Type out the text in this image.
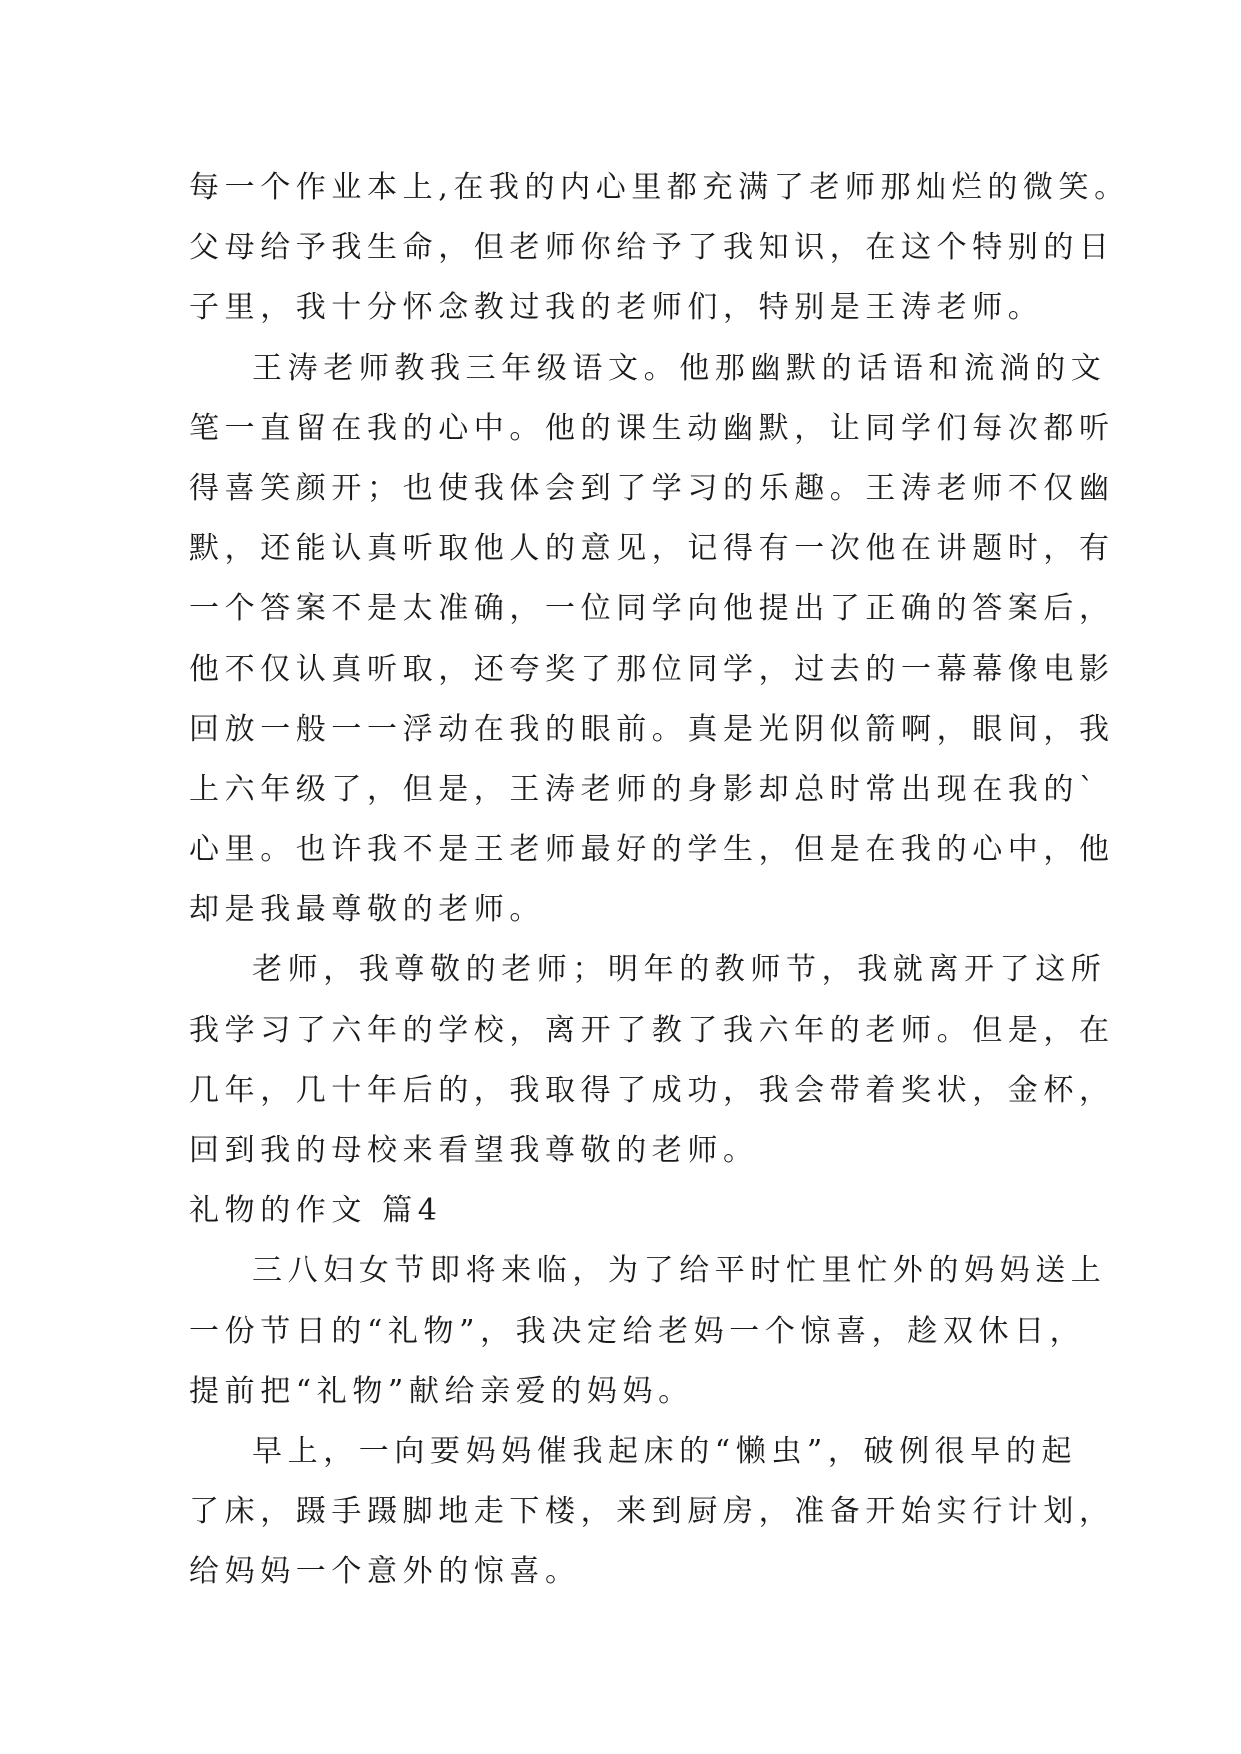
每一个作业本上,在我的内心里都充满了老师那灿烂的微笑。
父母给予我生命，但老师你给予了我知识，在这个特别的日
子里，我十分怀念教过我的老师们，特别是王涛老师。
王涛老师教我三年级语文。他那幽默的话语和流淌的文
笔一直留在我的心中。他的课生动幽默，让同学们每次都听
得喜笑颜开；也使我体会到了学习的乐趣。王涛老师不仅幽
默，还能认真听取他人的意见，记得有一次他在讲题时，有
一个答案不是太准确，一位同学向他提出了正确的答案后，
他不仅认真听取，还夸奖了那位同学，过去的一幕幕像电影
回放一般一一浮动在我的眼前。真是光阴似箭啊，眼间，我
上六年级了，但是，王涛老师的身影却总时常出现在我的`
心里。也许我不是王老师最好的学生，但是在我的心中，他
却是我最尊敬的老师。
老师，我尊敬的老师；明年的教师节，我就离开了这所
我学习了六年的学校，离开了教了我六年的老师。但是，在
几年，几十年后的，我取得了成功，我会带着奖状，金杯，
回到我的母校来看望我尊敬的老师。
礼物的作文 篇4
三八妇女节即将来临，为了给平时忙里忙外的妈妈送上
一份节日的“礼物”，我决定给老妈一个惊喜，趁双休日，
提前把“礼物”献给亲爱的妈妈。
早上，一向要妈妈催我起床的“懒虫”，破例很早的起
了床，蹑手蹑脚地走下楼，来到厨房，准备开始实行计划，
给妈妈一个意外的惊喜。
